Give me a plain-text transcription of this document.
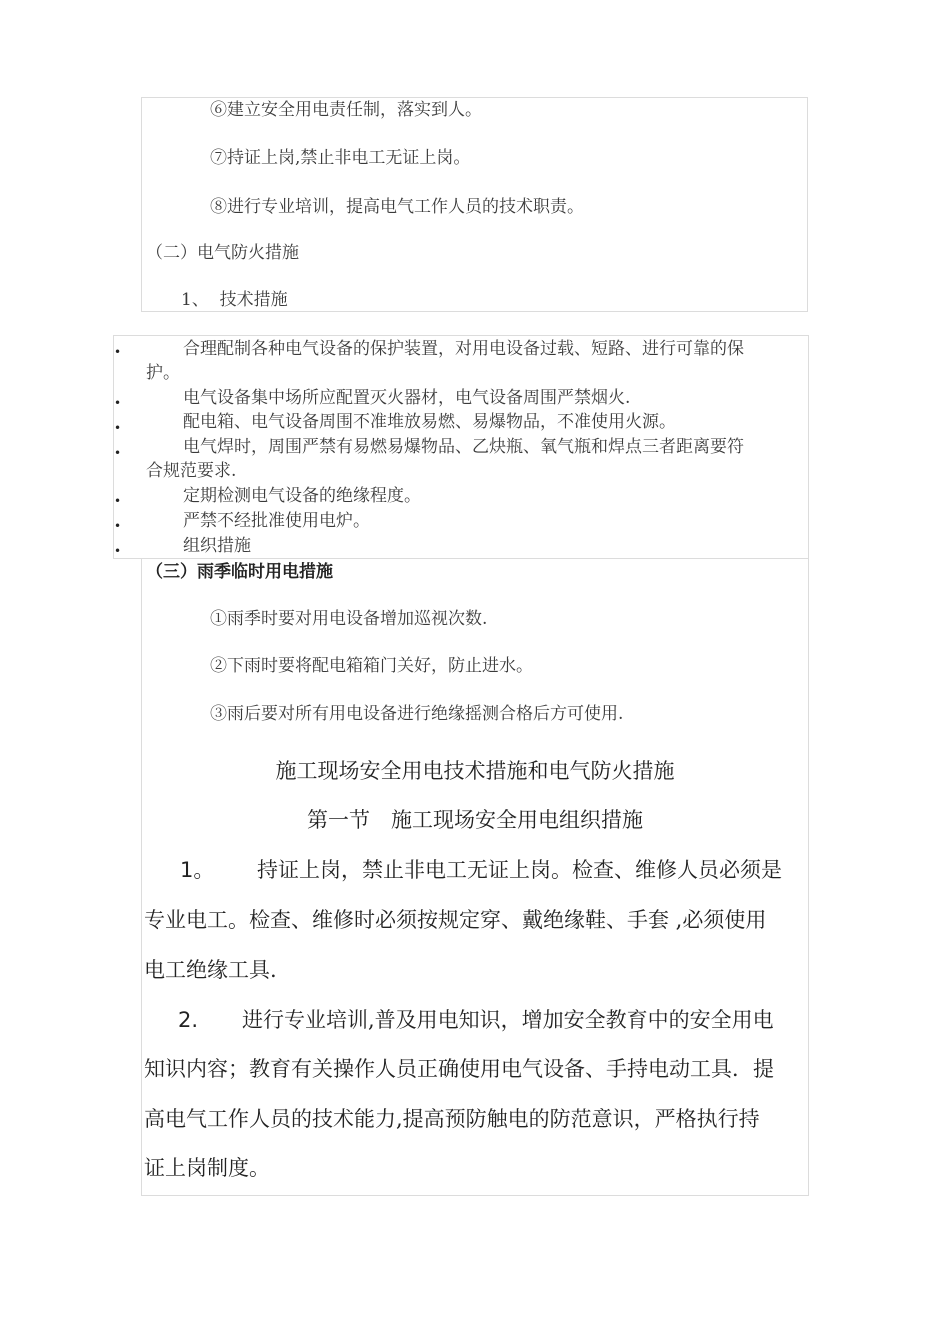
⑥建立安全用电责任制，落实到人。
⑦持证上岗,禁止非电工无证上岗。
⑧进行专业培训，提高电气工作人员的技术职责。
（二）电气防火措施
1、  技术措施
•	合理配制各种电气设备的保护装置，对用电设备过载、短路、进行可靠的保
护。
•	电气设备集中场所应配置灭火器材，电气设备周围严禁烟火.
•	配电箱、电气设备周围不准堆放易燃、易爆物品，不准使用火源。
•	电气焊时，周围严禁有易燃易爆物品、乙炔瓶、氧气瓶和焊点三者距离要符
合规范要求.
•	定期检测电气设备的绝缘程度。
•	严禁不经批准使用电炉。
•	组织措施
（三）雨季临时用电措施
①雨季时要对用电设备增加巡视次数.
②下雨时要将配电箱箱门关好，防止进水。
③雨后要对所有用电设备进行绝缘摇测合格后方可使用.
施工现场安全用电技术措施和电气防火措施
第一节　施工现场安全用电组织措施
1。 持证上岗，禁止非电工无证上岗。检查、维修人员必须是
专业电工。检查、维修时必须按规定穿、戴绝缘鞋、手套 ,必须使用
电工绝缘工具.
2. 进行专业培训,普及用电知识，增加安全教育中的安全用电
知识内容；教育有关操作人员正确使用电气设备、手持电动工具．提
高电气工作人员的技术能力,提高预防触电的防范意识，严格执行持
证上岗制度。
